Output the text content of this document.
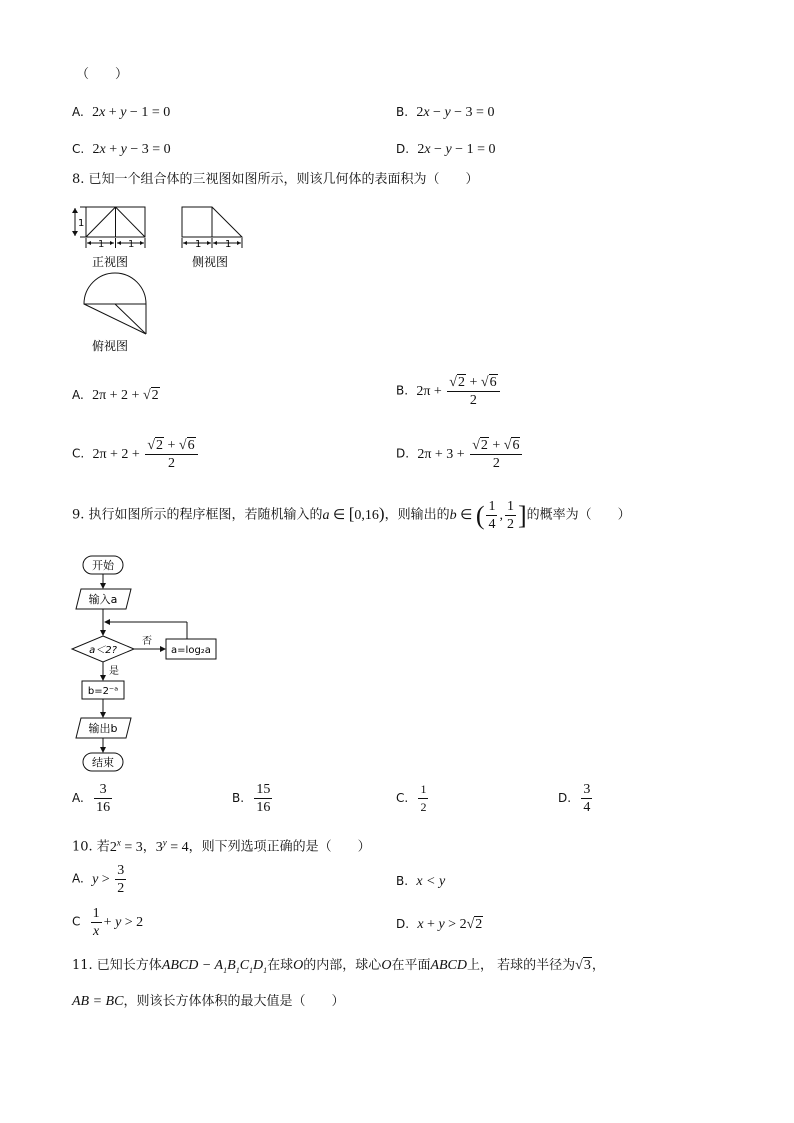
（　　）
A. 2x + y − 1 = 0	B. 2x − y − 3 = 0
C. 2x + y − 3 = 0	D. 2x − y − 1 = 0
8. 已知一个组合体的三视图如图所示，则该几何体的表面积为（　　）
1
1 1
正视图
1 1
侧视图
俯视图
A. 2π + 2 + √2	B. $2\pi + \frac{√2 + √6}{2}$
C. $2\pi + 2 + \frac{√2 + √6}{2}$	D. $2\pi + 3 + \frac{√2 + √6}{2}$
9. 执行如图所示的程序框图，若随机输入的a ∈ [0,16)，则输出的b ∈ ( $\frac{1}{4}$ , $\frac{1}{2}$ ]的概率为（　　）
开始
输入a
a＜2?
否
a=log₂a
是
b=2⁻ᵃ
输出b
结束
A. $\frac{3}{16}$	B. $\frac{15}{16}$	C. $\frac{1}{2}$	D. $\frac{3}{4}$
10. 若$2^x = 3$，$3^y = 4$，则下列选项正确的是（　　）
A. $y > \frac{3}{2}$	B. x < y
C $\frac{1}{x} + y > 2$	D. x + y > 2√2
11. 已知长方体ABCD − $A_1B_1C_1D_1$在球O的内部，球心O在平面ABCD上， 若球的半径为√3，
AB = BC，则该长方体体积的最大值是（　　）
